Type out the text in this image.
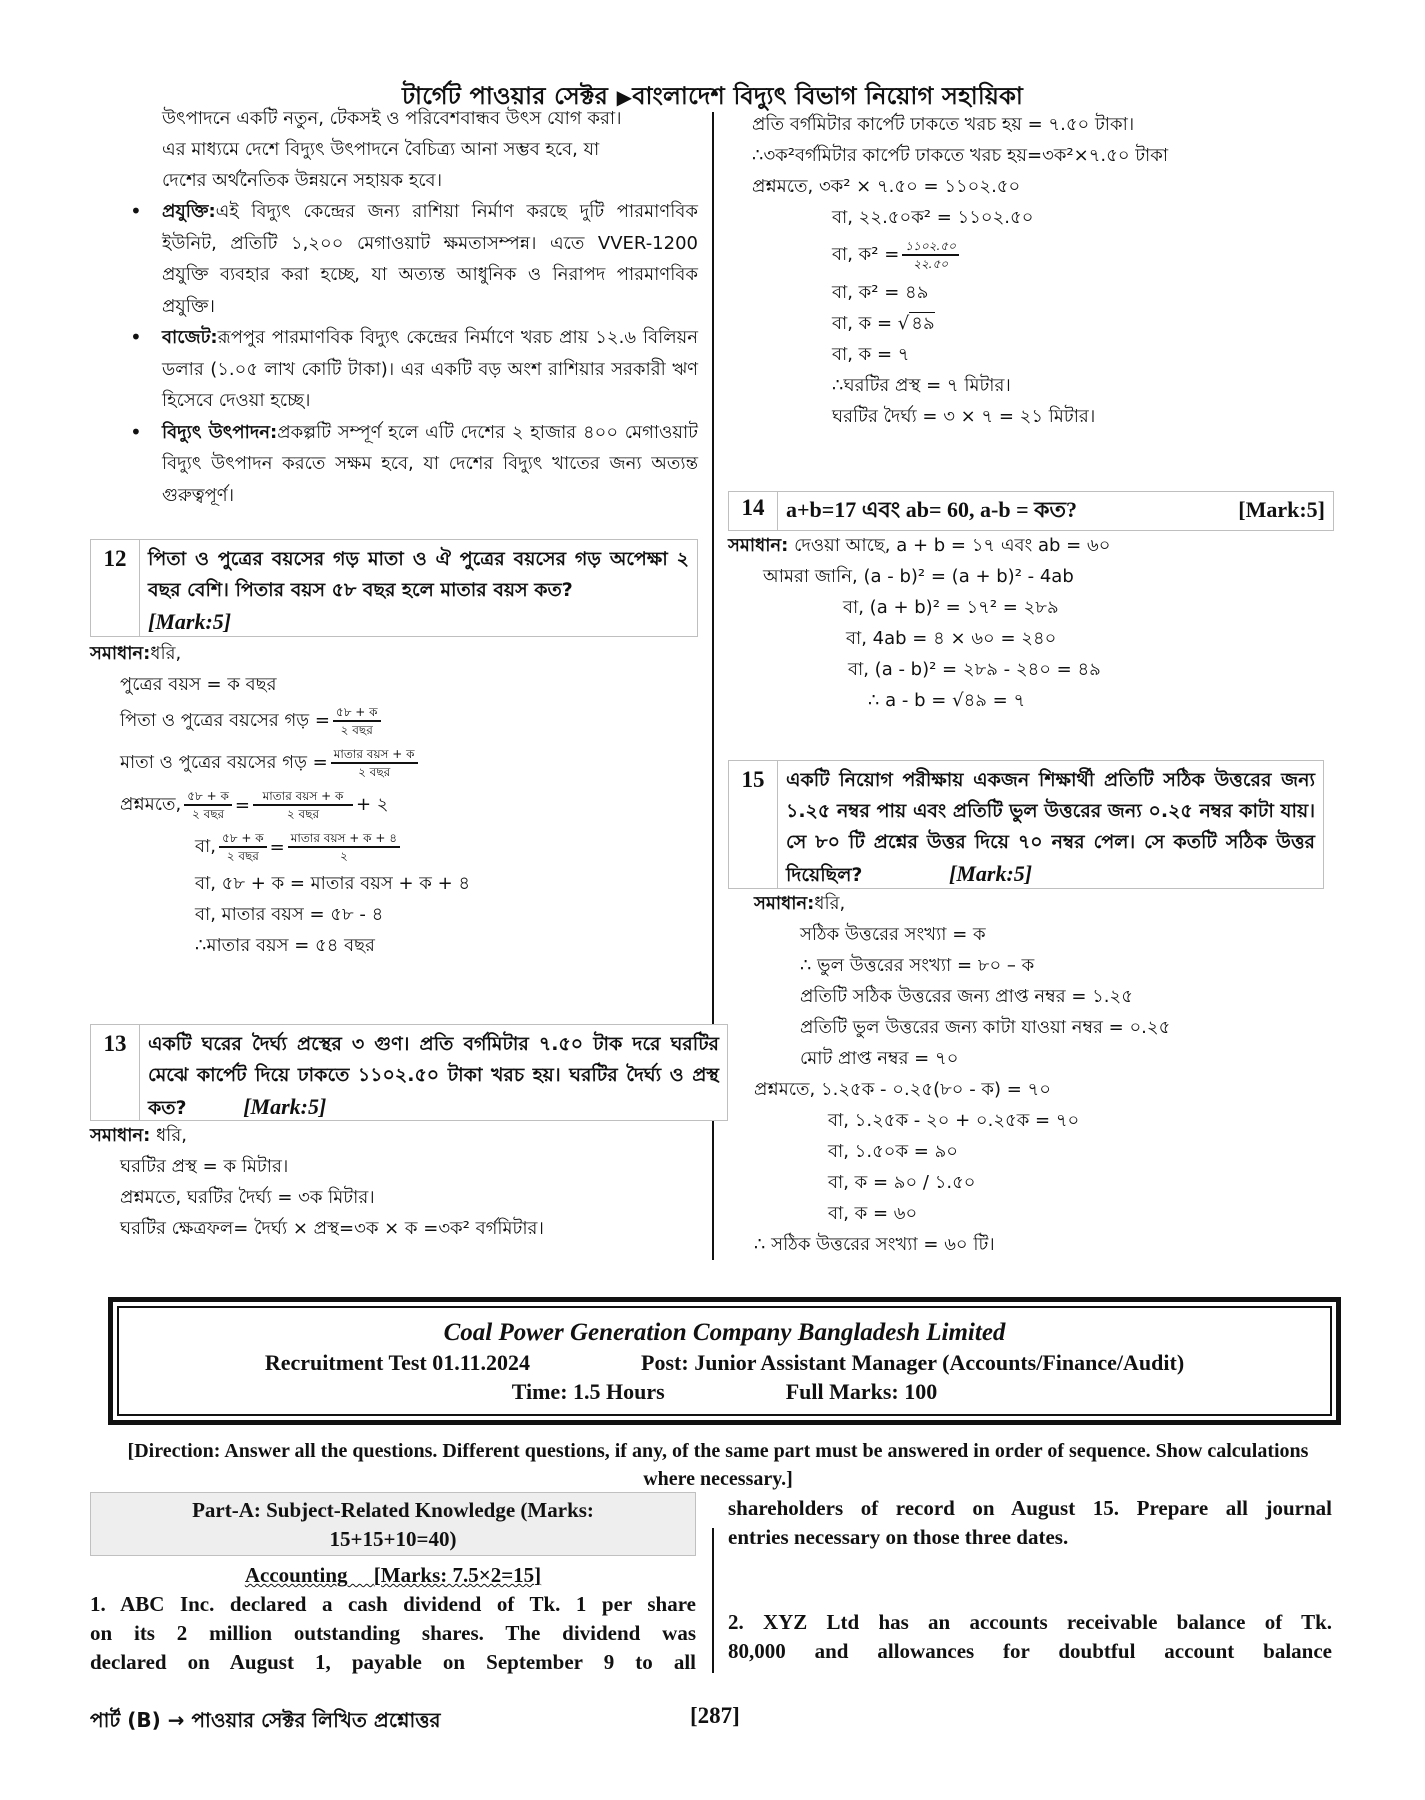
টার্গেট পাওয়ার সেক্টর ▶বাংলাদেশ বিদ্যুৎ বিভাগ নিয়োগ সহায়িকা
উৎপাদনে একটি নতুন, টেকসই ও পরিবেশবান্ধব উৎস যোগ করা।
এর মাধ্যমে দেশে বিদ্যুৎ উৎপাদনে বৈচিত্র্য আনা সম্ভব হবে, যা
দেশের অর্থনৈতিক উন্নয়নে সহায়ক হবে।
• প্রযুক্তি:এই বিদ্যুৎ কেন্দ্রের জন্য রাশিয়া নির্মাণ করছে দুটি পারমাণবিক ইউনিট, প্রতিটি ১,২০০ মেগাওয়াট ক্ষমতাসম্পন্ন। এতে VVER-1200 প্রযুক্তি ব্যবহার করা হচ্ছে, যা অত্যন্ত আধুনিক ও নিরাপদ পারমাণবিক প্রযুক্তি।
• বাজেট:রূপপুর পারমাণবিক বিদ্যুৎ কেন্দ্রের নির্মাণে খরচ প্রায় ১২.৬ বিলিয়ন ডলার (১.০৫ লাখ কোটি টাকা)। এর একটি বড় অংশ রাশিয়ার সরকারী ঋণ হিসেবে দেওয়া হচ্ছে।
• বিদ্যুৎ উৎপাদন:প্রকল্পটি সম্পূর্ণ হলে এটি দেশের ২ হাজার ৪০০ মেগাওয়াট বিদ্যুৎ উৎপাদন করতে সক্ষম হবে, যা দেশের বিদ্যুৎ খাতের জন্য অত্যন্ত গুরুত্বপূর্ণ।
12	পিতা ও পুত্রের বয়সের গড় মাতা ও ঐ পুত্রের বয়সের গড় অপেক্ষা ২ বছর বেশি। পিতার বয়স ৫৮ বছর হলে মাতার বয়স কত?
[Mark:5]
সমাধান:ধরি,
পুত্রের বয়স = ক বছর
পিতা ও পুত্রের বয়সের গড় = $\frac{\text{৫৮ + ক}}{\text{২ বছর}}$
মাতা ও পুত্রের বয়সের গড় = $\frac{\text{মাতার বয়স + ক}}{\text{২ বছর}}$
প্রশ্নমতে, $\frac{\text{৫৮ + ক}}{\text{২ বছর}} = \frac{\text{মাতার বয়স + ক}}{\text{২ বছর}}$ + ২
বা, $\frac{\text{৫৮ + ক}}{\text{২ বছর}} = \frac{\text{মাতার বয়স + ক + ৪}}{২}$
বা, ৫৮ + ক = মাতার বয়স + ক + ৪
বা, মাতার বয়স = ৫৮ - ৪
∴মাতার বয়স = ৫৪ বছর
13	একটি ঘরের দৈর্ঘ্য প্রস্থের ৩ গুণ। প্রতি বর্গমিটার ৭.৫০ টাক দরে ঘরটির মেঝে কার্পেট দিয়ে ঢাকতে ১১০২.৫০ টাকা খরচ হয়। ঘরটির দৈর্ঘ্য ও প্রস্থ কত?	[Mark:5]
সমাধান: ধরি,
ঘরটির প্রস্থ = ক মিটার।
প্রশ্নমতে, ঘরটির দৈর্ঘ্য = ৩ক মিটার।
ঘরটির ক্ষেত্রফল= দৈর্ঘ্য × প্রস্থ=৩ক × ক =৩ক² বর্গমিটার।
প্রতি বর্গমিটার কার্পেট ঢাকতে খরচ হয় = ৭.৫০ টাকা।
∴৩ক²বর্গমিটার কার্পেট ঢাকতে খরচ হয়=৩ক²×৭.৫০ টাকা
প্রশ্নমতে, ৩ক² × ৭.৫০ = ১১০২.৫০
বা, ২২.৫০ক² = ১১০২.৫০
বা, ক² = $\frac{১১০২.৫০}{২২.৫০}$
বা, ক² = ৪৯
বা, ক = √ ৪৯
বা, ক = ৭
∴ঘরটির প্রস্থ = ৭ মিটার।
ঘরটির দৈর্ঘ্য = ৩ × ৭ = ২১ মিটার।
14 a+b=17 এবং ab= 60, a-b = কত?	[Mark:5]
সমাধান: দেওয়া আছে, a + b = ১৭ এবং ab = ৬০
আমরা জানি, (a - b)² = (a + b)² - 4ab
বা, (a + b)² = ১৭² = ২৮৯
বা, 4ab = ৪ × ৬০ = ২৪০
বা, (a - b)² = ২৮৯ - ২৪০ = ৪৯
∴ a - b = √৪৯ = ৭
15	একটি নিয়োগ পরীক্ষায় একজন শিক্ষার্থী প্রতিটি সঠিক উত্তরের জন্য ১.২৫ নম্বর পায় এবং প্রতিটি ভুল উত্তরের জন্য ০.২৫ নম্বর কাটা যায়। সে ৮০ টি প্রশ্নের উত্তর দিয়ে ৭০ নম্বর পেল। সে কতটি সঠিক উত্তর দিয়েছিল?	[Mark:5]
সমাধান:ধরি,
সঠিক উত্তরের সংখ্যা = ক
∴ ভুল উত্তরের সংখ্যা = ৮০ – ক
প্রতিটি সঠিক উত্তরের জন্য প্রাপ্ত নম্বর = ১.২৫
প্রতিটি ভুল উত্তরের জন্য কাটা যাওয়া নম্বর = ০.২৫
মোট প্রাপ্ত নম্বর = ৭০
প্রশ্নমতে, ১.২৫ক - ০.২৫(৮০ - ক) = ৭০
বা, ১.২৫ক - ২০ + ০.২৫ক = ৭০
বা, ১.৫০ক = ৯০
বা, ক = ৯০ / ১.৫০
বা, ক = ৬০
∴ সঠিক উত্তরের সংখ্যা = ৬০ টি।
Coal Power Generation Company Bangladesh Limited
Recruitment Test 01.11.2024	Post: Junior Assistant Manager (Accounts/Finance/Audit)
Time: 1.5 Hours	Full Marks: 100
[Direction: Answer all the questions. Different questions, if any, of the same part must be answered in order of sequence. Show calculations where necessary.]
Part-A: Subject-Related Knowledge (Marks:
15+15+10=40)
Accounting [Marks: 7.5×2=15]
1. ABC Inc. declared a cash dividend of Tk. 1 per share
on its 2 million outstanding shares. The dividend was
declared on August 1, payable on September 9 to all
shareholders of record on August 15. Prepare all journal
entries necessary on those three dates.
2. XYZ Ltd has an accounts receivable balance of Tk.
80,000 and allowances for doubtful account balance
পার্ট (B) → পাওয়ার সেক্টর লিখিত প্রশ্নোত্তর	[287]
